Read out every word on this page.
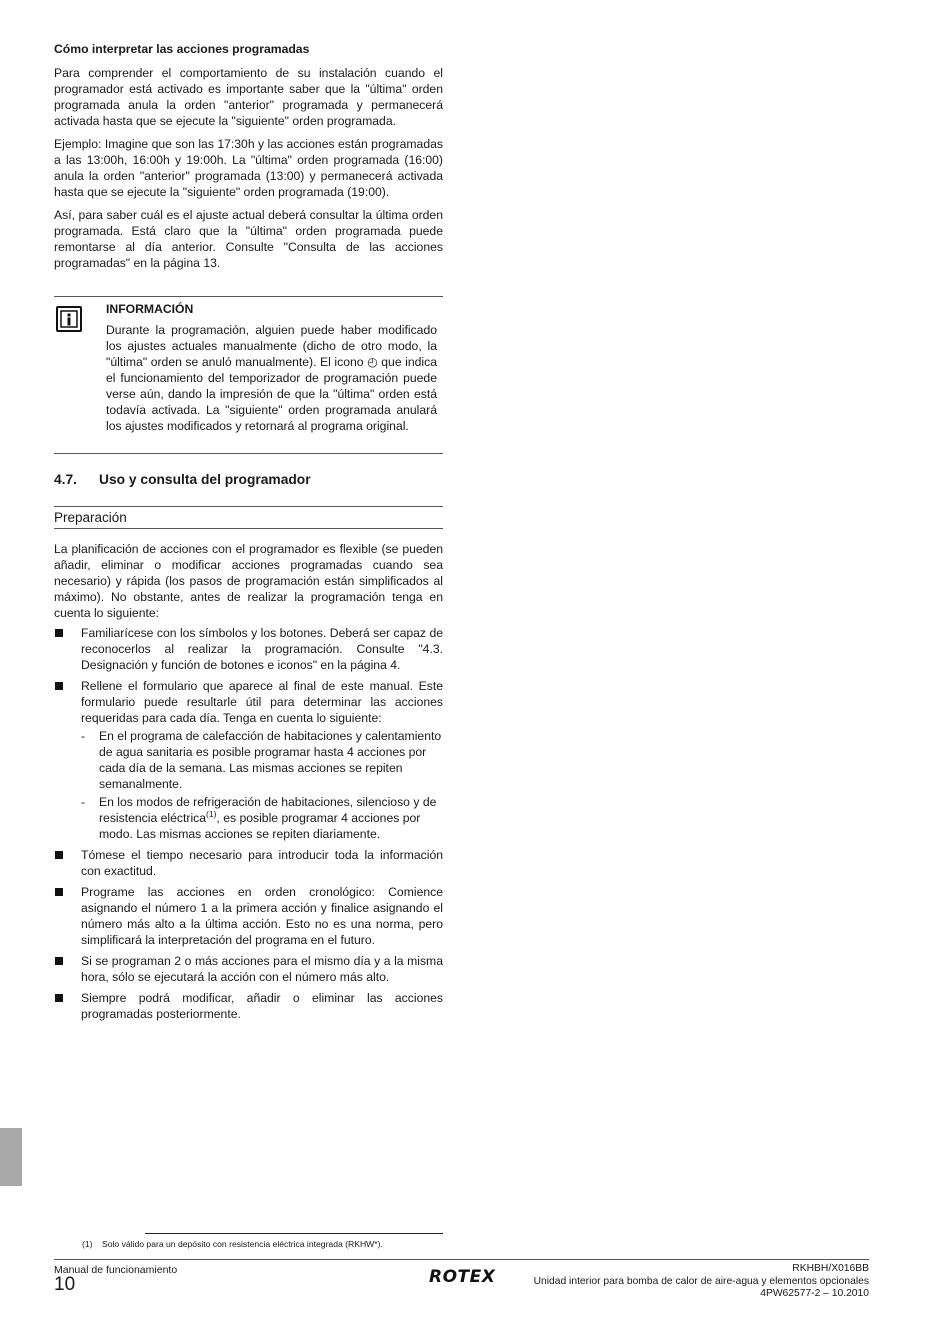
Cómo interpretar las acciones programadas

Para comprender el comportamiento de su instalación cuando el programador está activado es importante saber que la "última" orden programada anula la orden "anterior" programada y permanecerá activada hasta que se ejecute la "siguiente" orden programada.

Ejemplo: Imagine que son las 17:30h y las acciones están programadas a las 13:00h, 16:00h y 19:00h. La "última" orden programada (16:00) anula la orden "anterior" programada (13:00) y permanecerá activada hasta que se ejecute la "siguiente" orden programada (19:00).

Así, para saber cuál es el ajuste actual deberá consultar la última orden programada. Está claro que la "última" orden programada puede remontarse al día anterior. Consulte "Consulta de las acciones programadas" en la página 13.

INFORMACIÓN

Durante la programación, alguien puede haber modificado los ajustes actuales manualmente (dicho de otro modo, la "última" orden se anuló manualmente). El icono ◴ que indica el funcionamiento del temporizador de programación puede verse aún, dando la impresión de que la "última" orden está todavía activada. La "siguiente" orden programada anulará los ajustes modificados y retornará al programa original.

4.7. Uso y consulta del programador
Preparación

La planificación de acciones con el programador es flexible (se pueden añadir, eliminar o modificar acciones programadas cuando sea necesario) y rápida (los pasos de programación están simplificados al máximo). No obstante, antes de realizar la programación tenga en cuenta lo siguiente:

Familiarícese con los símbolos y los botones. Deberá ser capaz de reconocerlos al realizar la programación. Consulte "4.3. Designación y función de botones e iconos" en la página 4.

Rellene el formulario que aparece al final de este manual. Este formulario puede resultarle útil para determinar las acciones requeridas para cada día. Tenga en cuenta lo siguiente:

- En el programa de calefacción de habitaciones y calentamiento de agua sanitaria es posible programar hasta 4 acciones por cada día de la semana. Las mismas acciones se repiten semanalmente.

- En los modos de refrigeración de habitaciones, silencioso y de resistencia eléctrica$^{(1)}$, es posible programar 4 acciones por modo. Las mismas acciones se repiten diariamente.

Tómese el tiempo necesario para introducir toda la información con exactitud.

Programe las acciones en orden cronológico: Comience asignando el número 1 a la primera acción y finalice asignando el número más alto a la última acción. Esto no es una norma, pero simplificará la interpretación del programa en el futuro.

Si se programan 2 o más acciones para el mismo día y a la misma hora, sólo se ejecutará la acción con el número más alto.

Siempre podrá modificar, añadir o eliminar las acciones programadas posteriormente.

(1) Solo válido para un depósito con resistencia eléctrica integrada (RKHW*).
Manual de funcionamiento
10	ROTEX	RKHBH/X016BB
Unidad interior para bomba de calor de aire-agua y elementos opcionales
4PW62577-2 – 10.2010
